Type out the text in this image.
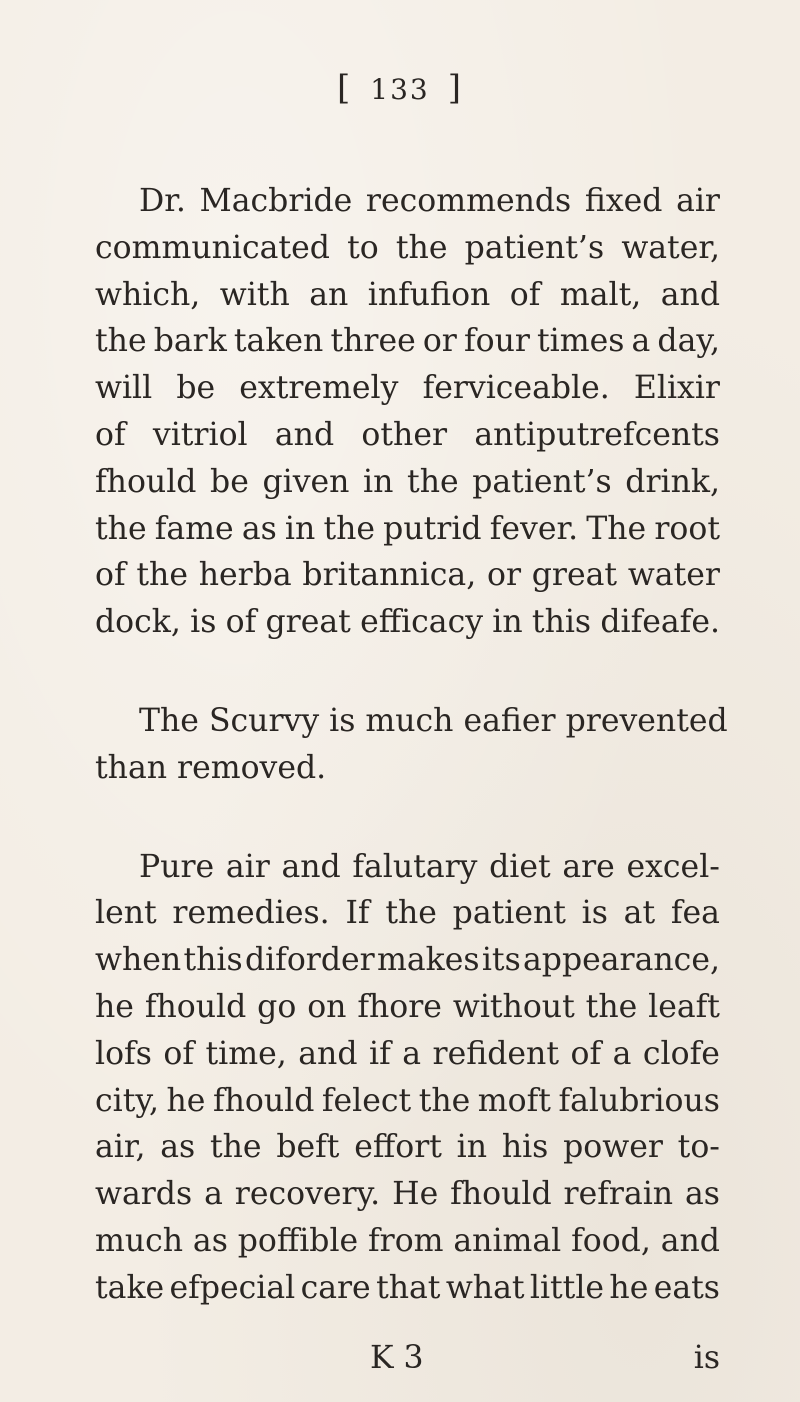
[ 133 ]
Dr. Macbride recommends fixed air
communicated to the patient’s water,
which, with an infufion of malt, and
the bark taken three or four times a day,
will be extremely ferviceable. Elixir
of vitriol and other antiputrefcents
fhould be given in the patient’s drink,
the fame as in the putrid fever. The root
of the herba britannica, or great water
dock, is of great efficacy in this difeafe.
The Scurvy is much eafier prevented
than removed.
Pure air and falutary diet are excel-
lent remedies. If the patient is at fea
when this diforder makes its appearance,
he fhould go on fhore without the leaft
lofs of time, and if a refident of a clofe
city, he fhould felect the moft falubrious
air, as the beft effort in his power to-
wards a recovery. He fhould refrain as
much as poffible from animal food, and
take efpecial care that what little he eats
K 3	is
